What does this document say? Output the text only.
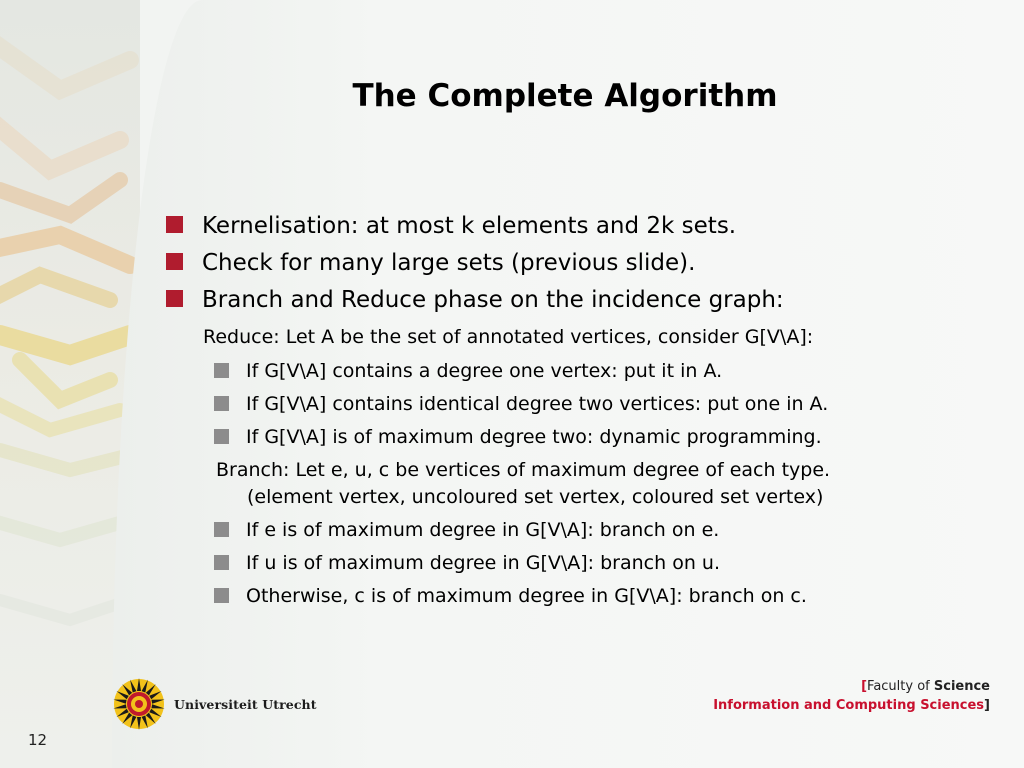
The Complete Algorithm
Kernelisation: at most k elements and 2k sets.
Check for many large sets (previous slide).
Branch and Reduce phase on the incidence graph:
Reduce: Let A be the set of annotated vertices, consider G[V\A]:
If G[V\A] contains a degree one vertex: put it in A.
If G[V\A] contains identical degree two vertices: put one in A.
If G[V\A] is of maximum degree two: dynamic programming.
Branch: Let e, u, c be vertices of maximum degree of each type.
(element vertex, uncoloured set vertex, coloured set vertex)
If e is of maximum degree in G[V\A]: branch on e.
If u is of maximum degree in G[V\A]: branch on u.
Otherwise, c is of maximum degree in G[V\A]: branch on c.
Universiteit Utrecht
[Faculty of Science
Information and Computing Sciences]
12
